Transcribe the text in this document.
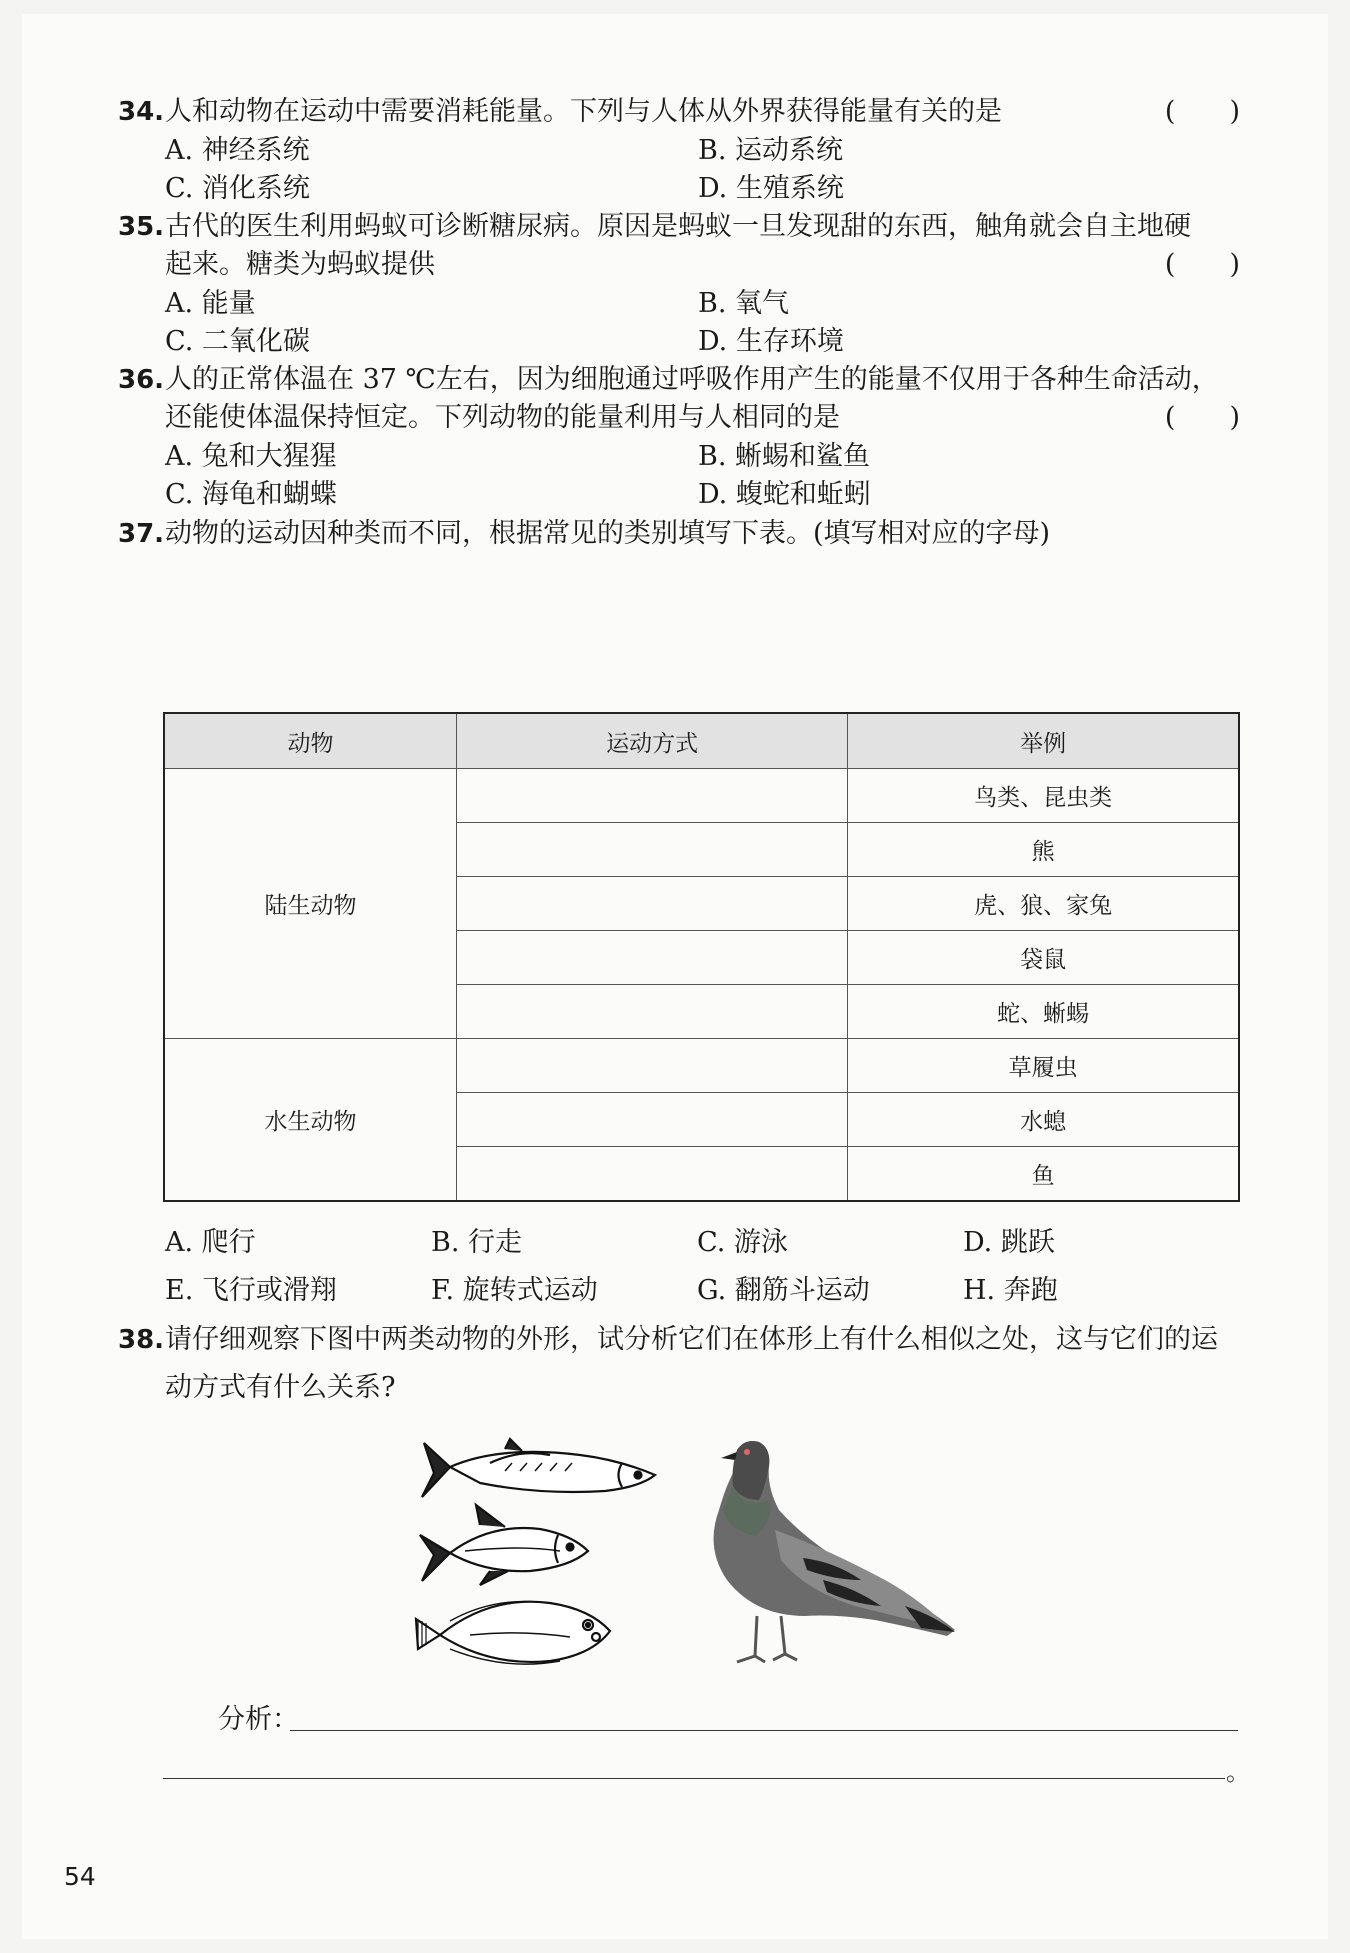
34.人和动物在运动中需要消耗能量。下列与人体从外界获得能量有关的是	(　　)
A. 神经系统	B. 运动系统
C. 消化系统	D. 生殖系统
35.古代的医生利用蚂蚁可诊断糖尿病。原因是蚂蚁一旦发现甜的东西，触角就会自主地硬
起来。糖类为蚂蚁提供	(　　)
A. 能量	B. 氧气
C. 二氧化碳	D. 生存环境
36.人的正常体温在 37 ℃左右，因为细胞通过呼吸作用产生的能量不仅用于各种生命活动，
还能使体温保持恒定。下列动物的能量利用与人相同的是	(　　)
A. 兔和大猩猩	B. 蜥蜴和鲨鱼
C. 海龟和蝴蝶	D. 蝮蛇和蚯蚓
37.动物的运动因种类而不同，根据常见的类别填写下表。(填写相对应的字母)
动物	运动方式	举例
陆生动物		鸟类、昆虫类
		熊
		虎、狼、家兔
		袋鼠
		蛇、蜥蜴
水生动物		草履虫
		水螅
		鱼
A. 爬行	B. 行走	C. 游泳	D. 跳跃
E. 飞行或滑翔	F. 旋转式运动	G. 翻筋斗运动	H. 奔跑
38.请仔细观察下图中两类动物的外形，试分析它们在体形上有什么相似之处，这与它们的运
动方式有什么关系?
分析：
。
54
